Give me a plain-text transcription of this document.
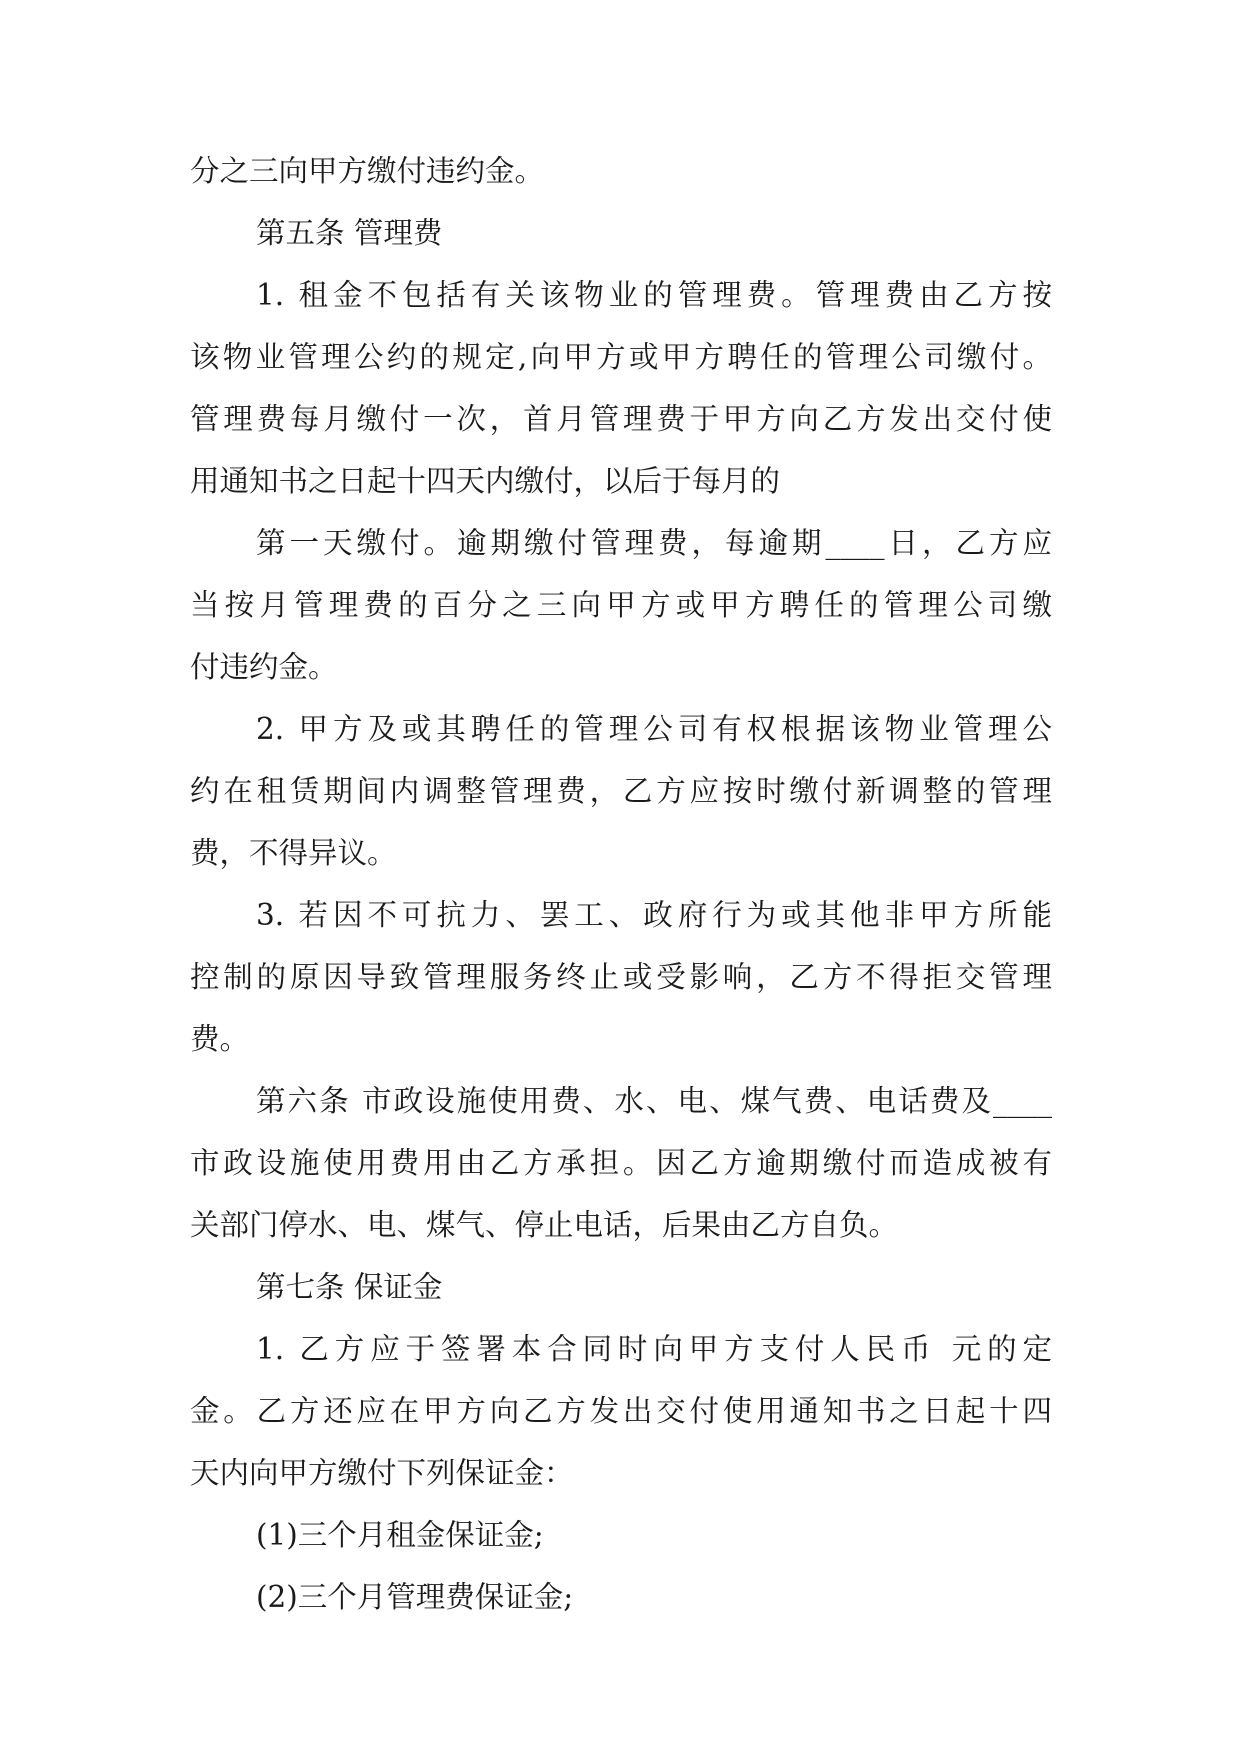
分之三向甲方缴付违约金。
第五条 管理费
1. 租金不包括有关该物业的管理费。管理费由乙方按
该物业管理公约的规定,向甲方或甲方聘任的管理公司缴付。
管理费每月缴付一次，首月管理费于甲方向乙方发出交付使
用通知书之日起十四天内缴付，以后于每月的
第一天缴付。逾期缴付管理费，每逾期____日，乙方应
当按月管理费的百分之三向甲方或甲方聘任的管理公司缴
付违约金。
2. 甲方及或其聘任的管理公司有权根据该物业管理公
约在租赁期间内调整管理费，乙方应按时缴付新调整的管理
费，不得异议。
3. 若因不可抗力、罢工、政府行为或其他非甲方所能
控制的原因导致管理服务终止或受影响，乙方不得拒交管理
费。
第六条 市政设施使用费、水、电、煤气费、电话费及____
市政设施使用费用由乙方承担。因乙方逾期缴付而造成被有
关部门停水、电、煤气、停止电话，后果由乙方自负。
第七条 保证金
1. 乙方应于签署本合同时向甲方支付人民币 元的定
金。乙方还应在甲方向乙方发出交付使用通知书之日起十四
天内向甲方缴付下列保证金：
(1)三个月租金保证金;
(2)三个月管理费保证金;
